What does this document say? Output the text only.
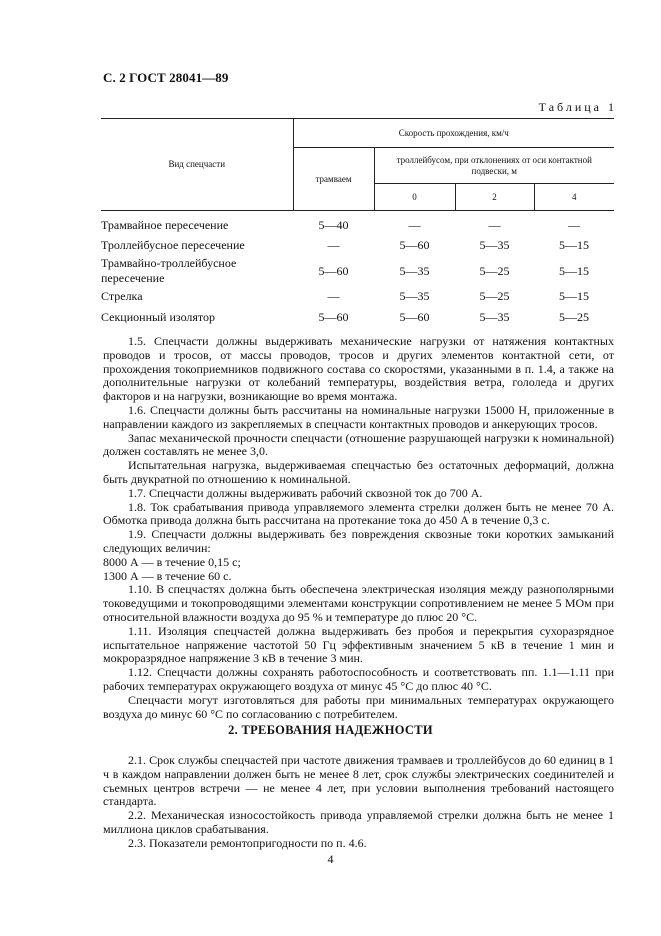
С. 2 ГОСТ 28041—89
Таблица 1
Вид спецчасти	Скорость прохождения, км/ч			
	трамваем	троллейбусом, при отклонениях от оси контактной подвески, м		
		0	2	4
Трамвайное пересечение	5—40	—	—	—
Троллейбусное пересечение	—	5—60	5—35	5—15
Трамвайно-троллейбусное пересечение	5—60	5—35	5—25	5—15
Стрелка	—	5—35	5—25	5—15
Секционный изолятор	5—60	5—60	5—35	5—25

1.5. Спецчасти должны выдерживать механические нагрузки от натяжения контактных проводов и тросов, от массы проводов, тросов и других элементов контактной сети, от прохождения токоприемников подвижного состава со скоростями, указанными в п. 1.4, а также на дополнительные нагрузки от колебаний температуры, воздействия ветра, гололеда и других факторов и на нагрузки, возникающие во время монтажа.

1.6. Спецчасти должны быть рассчитаны на номинальные нагрузки 15000 Н, приложенные в направлении каждого из закрепляемых в спецчасти контактных проводов и анкерующих тросов.

Запас механической прочности спецчасти (отношение разрушающей нагрузки к номинальной) должен составлять не менее 3,0.

Испытательная нагрузка, выдерживаемая спецчастью без остаточных деформаций, должна быть двукратной по отношению к номинальной.

1.7. Спецчасти должны выдерживать рабочий сквозной ток до 700 А.

1.8. Ток срабатывания привода управляемого элемента стрелки должен быть не менее 70 А. Обмотка привода должна быть рассчитана на протекание тока до 450 А в течение 0,3 с.

1.9. Спецчасти должны выдерживать без повреждения сквозные токи коротких замыканий следующих величин:

8000 А — в течение 0,15 с;

1300 А — в течение 60 с.

1.10. В спецчастях должна быть обеспечена электрическая изоляция между разнополярными токоведущими и токопроводящими элементами конструкции сопротивлением не менее 5 МОм при относительной влажности воздуха до 95 % и температуре до плюс 20 °С.

1.11. Изоляция спецчастей должна выдерживать без пробоя и перекрытия сухоразрядное испытательное напряжение частотой 50 Гц эффективным значением 5 кВ в течение 1 мин и мокроразрядное напряжение 3 кВ в течение 3 мин.

1.12. Спецчасти должны сохранять работоспособность и соответствовать пп. 1.1—1.11 при рабочих температурах окружающего воздуха от минус 45 °С до плюс 40 °С.

Спецчасти могут изготовляться для работы при минимальных температурах окружающего воздуха до минус 60 °С по согласованию с потребителем.

2. ТРЕБОВАНИЯ НАДЕЖНОСТИ

2.1. Срок службы спецчастей при частоте движения трамваев и троллейбусов до 60 единиц в 1 ч в каждом направлении должен быть не менее 8 лет, срок службы электрических соединителей и съемных центров встречи — не менее 4 лет, при условии выполнения требований настоящего стандарта.

2.2. Механическая износостойкость привода управляемой стрелки должна быть не менее 1 миллиона циклов срабатывания.

2.3. Показатели ремонтопригодности по п. 4.6.

4
